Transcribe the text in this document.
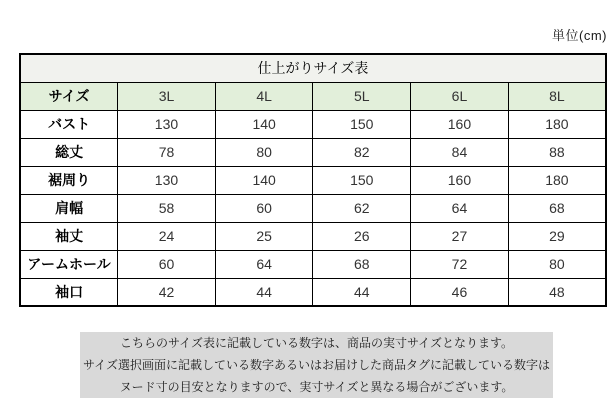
単位(cm)
仕上がりサイズ表					
サイズ	3L	4L	5L	6L	8L
バスト	130	140	150	160	180
総丈	78	80	82	84	88
裾周り	130	140	150	160	180
肩幅	58	60	62	64	68
袖丈	24	25	26	27	29
アームホール	60	64	68	72	80
袖口	42	44	44	46	48
こちらのサイズ表に記載している数字は、商品の実寸サイズとなります。
サイズ選択画面に記載している数字あるいはお届けした商品タグに記載している数字は
ヌード寸の目安となりますので、実寸サイズと異なる場合がございます。
